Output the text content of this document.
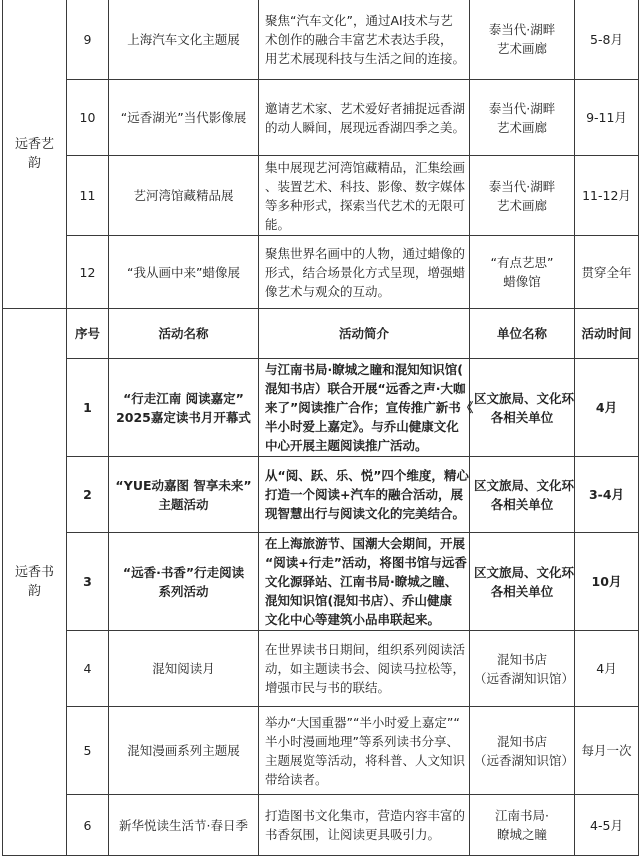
远香艺韵	9	上海汽车文化主题展	聚焦“汽车文化”，通过AI技术与艺
术创作的融合丰富艺术表达手段，
用艺术展现科技与生活之间的连接。	泰当代·湖畔
艺术画廊	5-8月
	10	“远香湖光”当代影像展	邀请艺术家、艺术爱好者捕捉远香湖
的动人瞬间，展现远香湖四季之美。	泰当代·湖畔
艺术画廊	9-11月
	11	艺河湾馆藏精品展	集中展现艺河湾馆藏精品，汇集绘画
、装置艺术、科技、影像、数字媒体
等多种形式，探索当代艺术的无限可
能。	泰当代·湖畔
艺术画廊	11-12月
	12	“我从画中来”蜡像展	聚焦世界名画中的人物，通过蜡像的
形式，结合场景化方式呈现，增强蜡
像艺术与观众的互动。	“有点艺思”
蜡像馆	贯穿全年
远香书韵	序号	活动名称	活动简介	单位名称	活动时间
	1	“行走江南 阅读嘉定”
2025嘉定读书月开幕式	与江南书局·瞭城之瞳和混知知识馆(
混知书店）联合开展“远香之声·大咖
来了”阅读推广合作；宣传推广新书《
半小时爱上嘉定》。与乔山健康文化
中心开展主题阅读推广活动。	区文旅局、文化环
各相关单位	4月
	2	“YUE动嘉图 智享未来”
主题活动	从“阅、跃、乐、悦”四个维度，精心
打造一个阅读+汽车的融合活动，展
现智慧出行与阅读文化的完美结合。	区文旅局、文化环
各相关单位	3-4月
	3	“远香·书香”行走阅读
系列活动	在上海旅游节、国潮大会期间，开展
“阅读+行走”活动，将图书馆与远香
文化源驿站、江南书局·瞭城之瞳、
混知知识馆(混知书店）、乔山健康
文化中心等建筑小品串联起来。	区文旅局、文化环
各相关单位	10月
	4	混知阅读月	在世界读书日期间，组织系列阅读活
动，如主题读书会、阅读马拉松等，
增强市民与书的联结。	混知书店
（远香湖知识馆）	4月
	5	混知漫画系列主题展	举办“大国重器”“半小时爱上嘉定”“
半小时漫画地理”等系列读书分享、
主题展览等活动，将科普、人文知识
带给读者。	混知书店
（远香湖知识馆）	每月一次
	6	新华悦读生活节·春日季	打造图书文化集市，营造内容丰富的
书香氛围，让阅读更具吸引力。	江南书局·
瞭城之瞳	4-5月
